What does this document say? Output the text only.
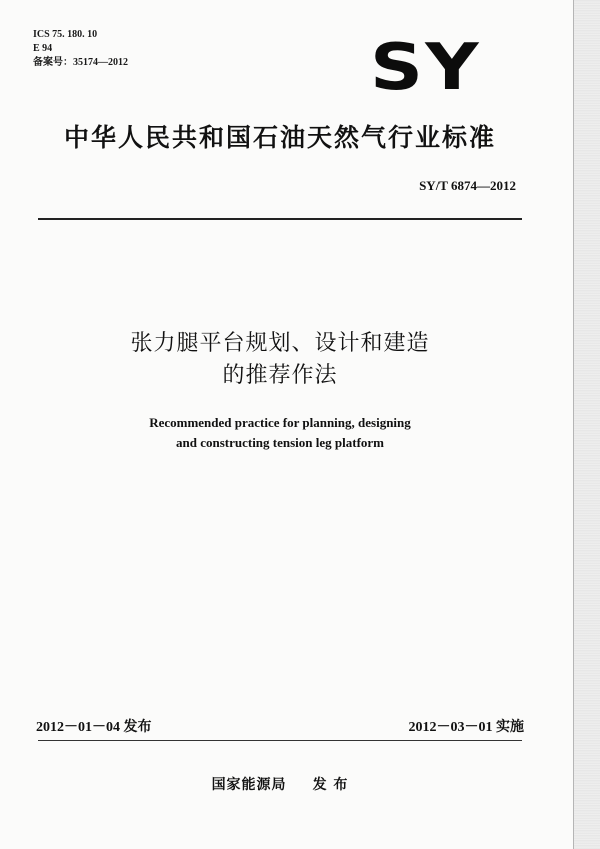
ICS 75. 180. 10
E 94
备案号：35174—2012	SY
中华人民共和国石油天然气行业标准
SY/T 6874—2012
张力腿平台规划、设计和建造
的推荐作法
Recommended practice for planning, designing
and constructing tension leg platform
2012－01－04 发布	2012－03－01 实施
国家能源局 发 布
